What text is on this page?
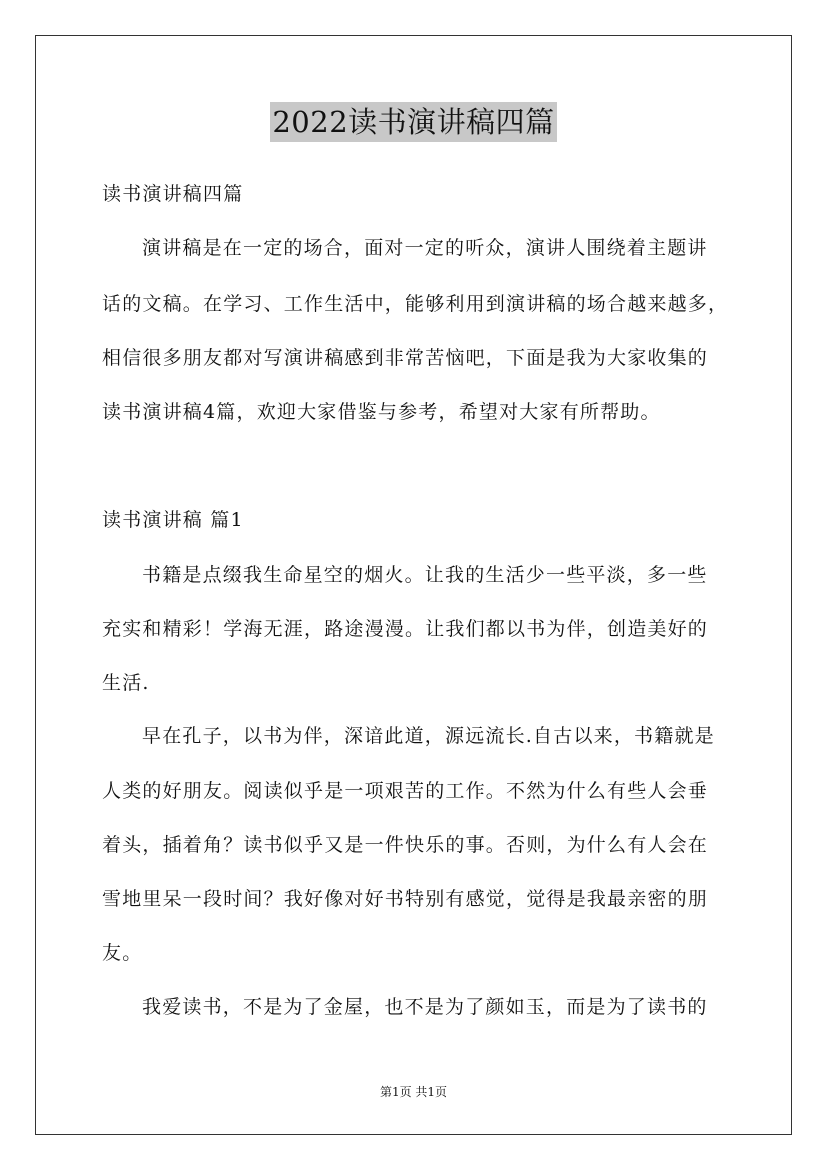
2022读书演讲稿四篇
读书演讲稿四篇
演讲稿是在一定的场合，面对一定的听众，演讲人围绕着主题讲
话的文稿。在学习、工作生活中，能够利用到演讲稿的场合越来越多，
相信很多朋友都对写演讲稿感到非常苦恼吧，下面是我为大家收集的
读书演讲稿4篇，欢迎大家借鉴与参考，希望对大家有所帮助。
读书演讲稿 篇1
书籍是点缀我生命星空的烟火。让我的生活少一些平淡，多一些
充实和精彩！学海无涯，路途漫漫。让我们都以书为伴，创造美好的
生活.
早在孔子，以书为伴，深谙此道，源远流长.自古以来，书籍就是
人类的好朋友。阅读似乎是一项艰苦的工作。不然为什么有些人会垂
着头，插着角？读书似乎又是一件快乐的事。否则，为什么有人会在
雪地里呆一段时间？我好像对好书特别有感觉，觉得是我最亲密的朋
友。
我爱读书，不是为了金屋，也不是为了颜如玉，而是为了读书的
第1页 共1页
